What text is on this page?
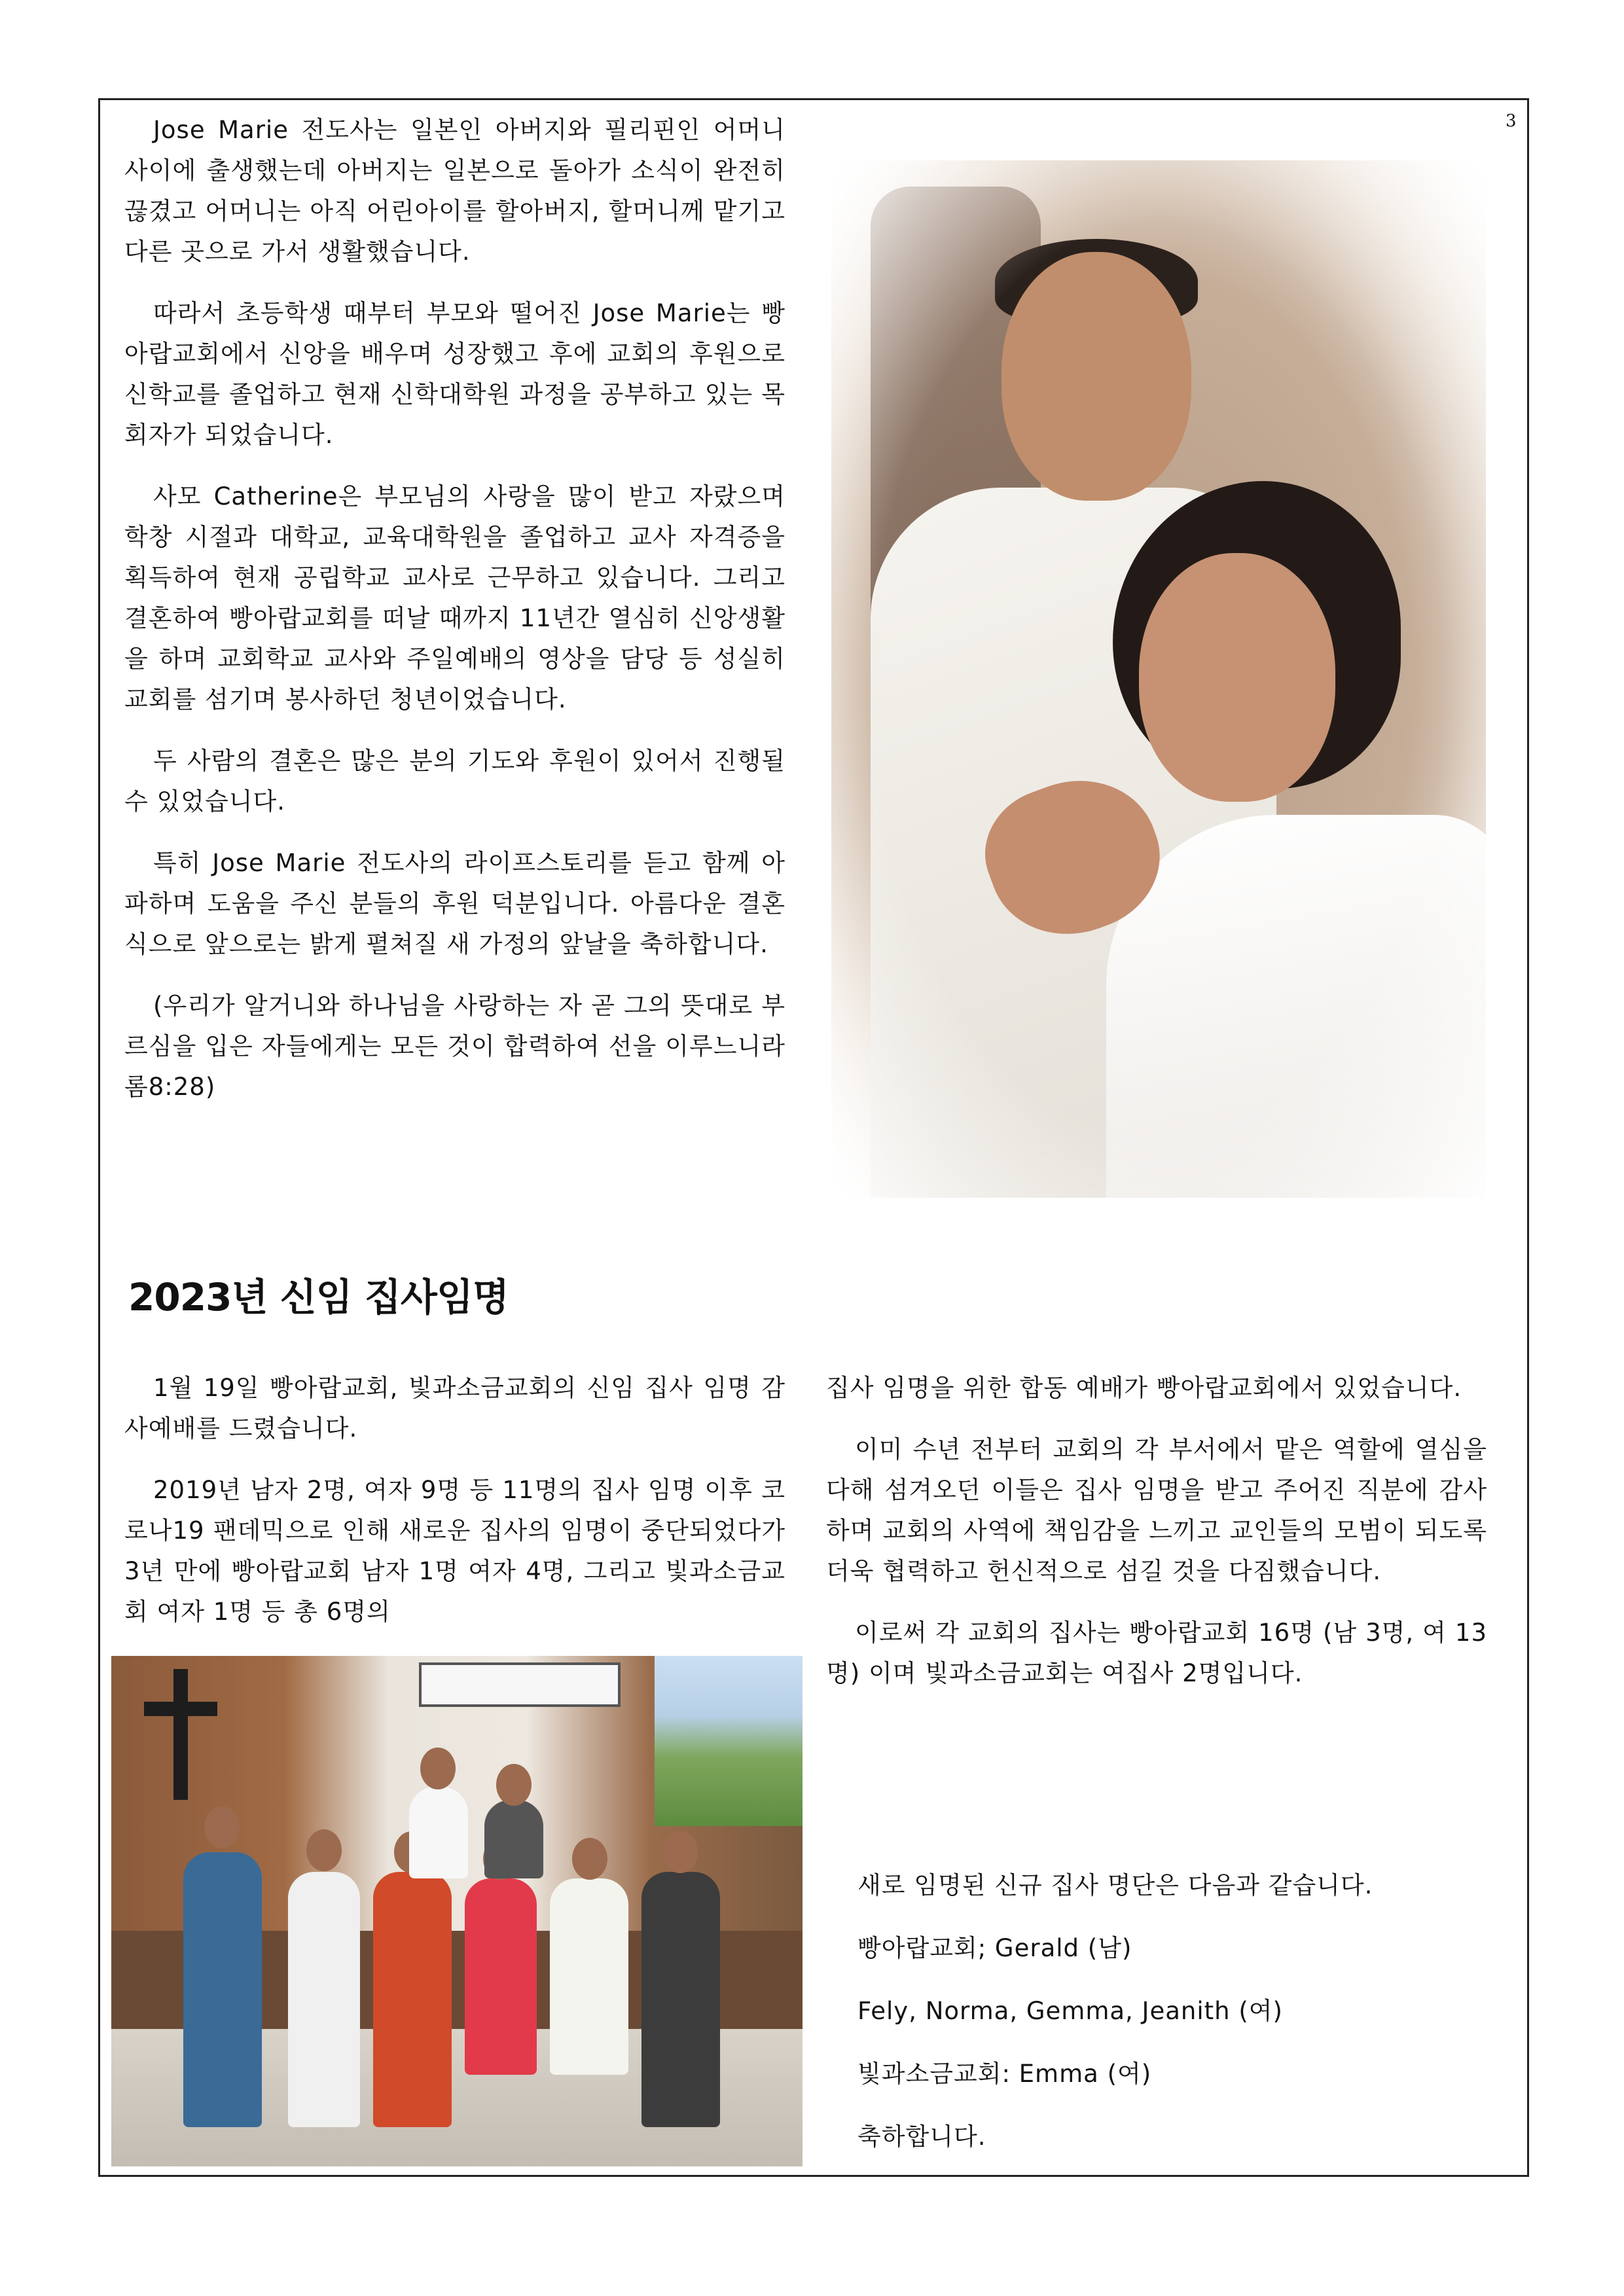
3

Jose Marie 전도사는 일본인 아버지와 필리핀인 어머니 사이에 출생했는데 아버지는 일본으로 돌아가 소식이 완전히 끊겼고 어머니는 아직 어린아이를 할아버지, 할머니께 맡기고 다른 곳으로 가서 생활했습니다.

따라서 초등학생 때부터 부모와 떨어진 Jose Marie는 빵아랍교회에서 신앙을 배우며 성장했고 후에 교회의 후원으로 신학교를 졸업하고 현재 신학대학원 과정을 공부하고 있는 목회자가 되었습니다.

사모 Catherine은 부모님의 사랑을 많이 받고 자랐으며 학창 시절과 대학교, 교육대학원을 졸업하고 교사 자격증을 획득하여 현재 공립학교 교사로 근무하고 있습니다. 그리고 결혼하여 빵아랍교회를 떠날 때까지 11년간 열심히 신앙생활을 하며 교회학교 교사와 주일예배의 영상을 담당 등 성실히 교회를 섬기며 봉사하던 청년이었습니다.

두 사람의 결혼은 많은 분의 기도와 후원이 있어서 진행될 수 있었습니다.

특히 Jose Marie 전도사의 라이프스토리를 듣고 함께 아파하며 도움을 주신 분들의 후원 덕분입니다. 아름다운 결혼식으로 앞으로는 밝게 펼쳐질 새 가정의 앞날을 축하합니다.

(우리가 알거니와 하나님을 사랑하는 자 곧 그의 뜻대로 부르심을 입은 자들에게는 모든 것이 합력하여 선을 이루느니라 롬8:28)

2023년 신임 집사임명

1월 19일 빵아랍교회, 빛과소금교회의 신임 집사 임명 감사예배를 드렸습니다.

2019년 남자 2명, 여자 9명 등 11명의 집사 임명 이후 코로나19 팬데믹으로 인해 새로운 집사의 임명이 중단되었다가 3년 만에 빵아랍교회 남자 1명 여자 4명, 그리고 빛과소금교회 여자 1명 등 총 6명의

집사 임명을 위한 합동 예배가 빵아랍교회에서 있었습니다.

이미 수년 전부터 교회의 각 부서에서 맡은 역할에 열심을 다해 섬겨오던 이들은 집사 임명을 받고 주어진 직분에 감사하며 교회의 사역에 책임감을 느끼고 교인들의 모범이 되도록 더욱 협력하고 헌신적으로 섬길 것을 다짐했습니다.

이로써 각 교회의 집사는 빵아랍교회 16명 (남 3명, 여 13명) 이며 빛과소금교회는 여집사 2명입니다.

새로 임명된 신규 집사 명단은 다음과 같습니다.

빵아랍교회; Gerald (남)

Fely, Norma, Gemma, Jeanith (여)

빛과소금교회: Emma (여)

축하합니다.
